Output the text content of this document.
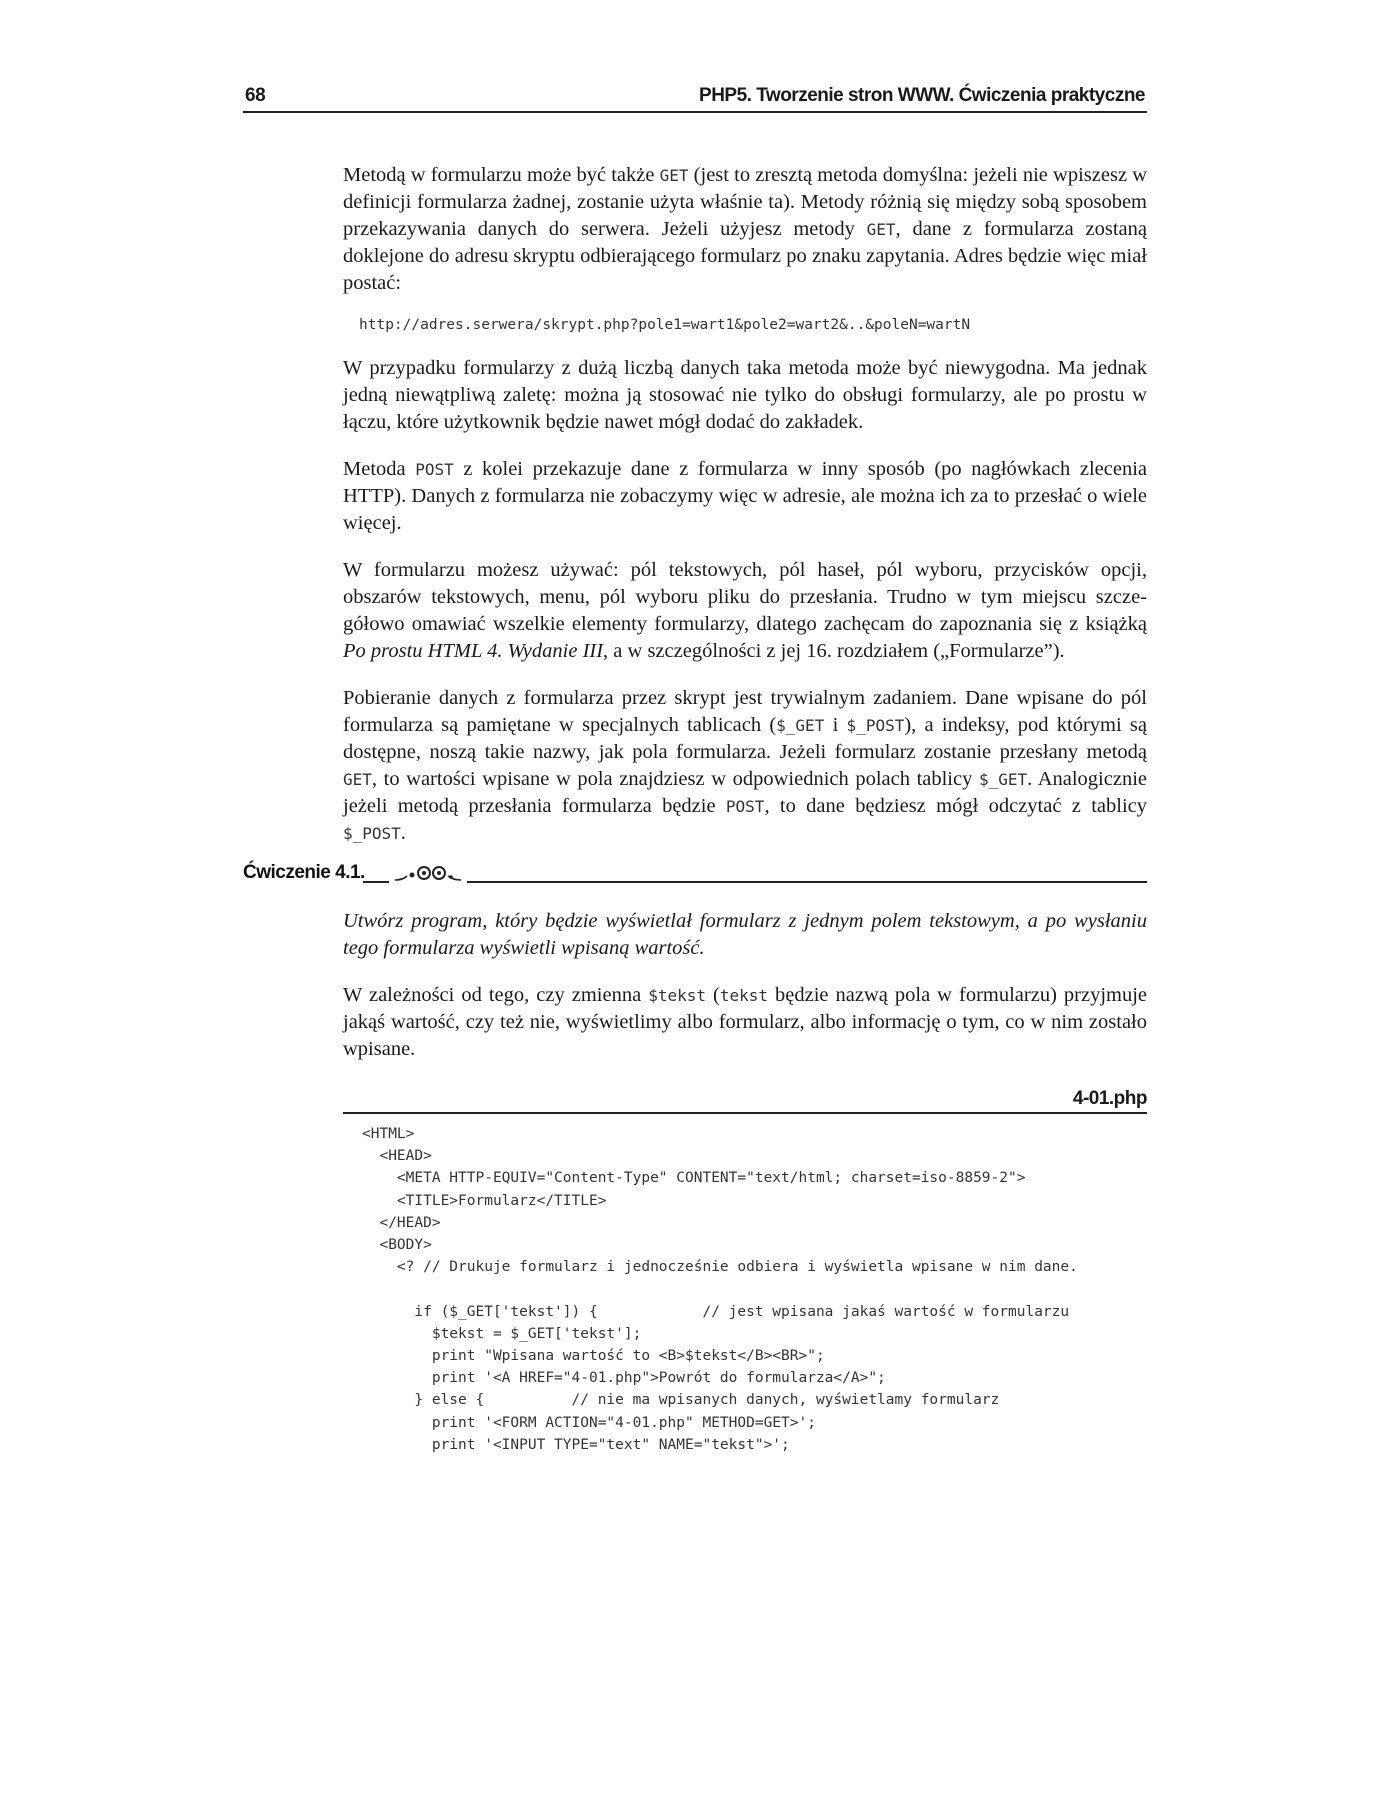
68	PHP5. Tworzenie stron WWW. Ćwiczenia praktyczne

Metodą w formularzu może być także GET (jest to zresztą metoda domyślna: jeżeli nie wpiszesz w definicji formularza żadnej, zostanie użyta właśnie ta). Metody różnią się między sobą sposobem przekazywania danych do serwera. Jeżeli użyjesz metody GET, dane z formularza zostaną doklejone do adresu skryptu odbierającego formularz po znaku zapytania. Adres będzie więc miał postać:

http://adres.serwera/skrypt.php?pole1=wart1&pole2=wart2&..&poleN=wartN

W przypadku formularzy z dużą liczbą danych taka metoda może być niewygodna. Ma jednak jedną niewątpliwą zaletę: można ją stosować nie tylko do obsługi formularzy, ale po prostu w łączu, które użytkownik będzie nawet mógł dodać do zakładek.

Metoda POST z kolei przekazuje dane z formularza w inny sposób (po nagłówkach zlecenia HTTP). Danych z formularza nie zobaczymy więc w adresie, ale można ich za to przesłać o wiele więcej.

W formularzu możesz używać: pól tekstowych, pól haseł, pól wyboru, przycisków opcji, obszarów tekstowych, menu, pól wyboru pliku do przesłania. Trudno w tym miejscu szczegółowo omawiać wszelkie elementy formularzy, dlatego zachęcam do zapoznania się z książką Po prostu HTML 4. Wydanie III, a w szczególności z jej 16. rozdziałem („Formularze”).

Pobieranie danych z formularza przez skrypt jest trywialnym zadaniem. Dane wpisane do pól formularza są pamiętane w specjalnych tablicach ($_GET i $_POST), a indeksy, pod którymi są dostępne, noszą takie nazwy, jak pola formularza. Jeżeli formularz zostanie przesłany metodą GET, to wartości wpisane w pola znajdziesz w odpowiednich polach tablicy $_GET. Analogicznie jeżeli metodą przesłania formularza będzie POST, to dane będziesz mógł odczytać z tablicy $_POST.

Ćwiczenie 4.1.

Utwórz program, który będzie wyświetlał formularz z jednym polem tekstowym, a po wysłaniu tego formularza wyświetli wpisaną wartość.

W zależności od tego, czy zmienna $tekst (tekst będzie nazwą pola w formularzu) przyjmuje jakąś wartość, czy też nie, wyświetlimy albo formularz, albo informację o tym, co w nim zostało wpisane.

4-01.php
<HTML>
<HEAD>
<META HTTP-EQUIV="Content-Type" CONTENT="text/html; charset=iso-8859-2">
<TITLE>Formularz</TITLE>
</HEAD>
<BODY>
<? // Drukuje formularz i jednocześnie odbiera i wyświetla wpisane w nim dane.

if ($_GET['tekst']) {            // jest wpisana jakaś wartość w formularzu
$tekst = $_GET['tekst'];
print "Wpisana wartość to <B>$tekst</B><BR>";
print '<A HREF="4-01.php">Powrót do formularza</A>";
} else {          // nie ma wpisanych danych, wyświetlamy formularz
print '<FORM ACTION="4-01.php" METHOD=GET>';
print '<INPUT TYPE="text" NAME="tekst">';
